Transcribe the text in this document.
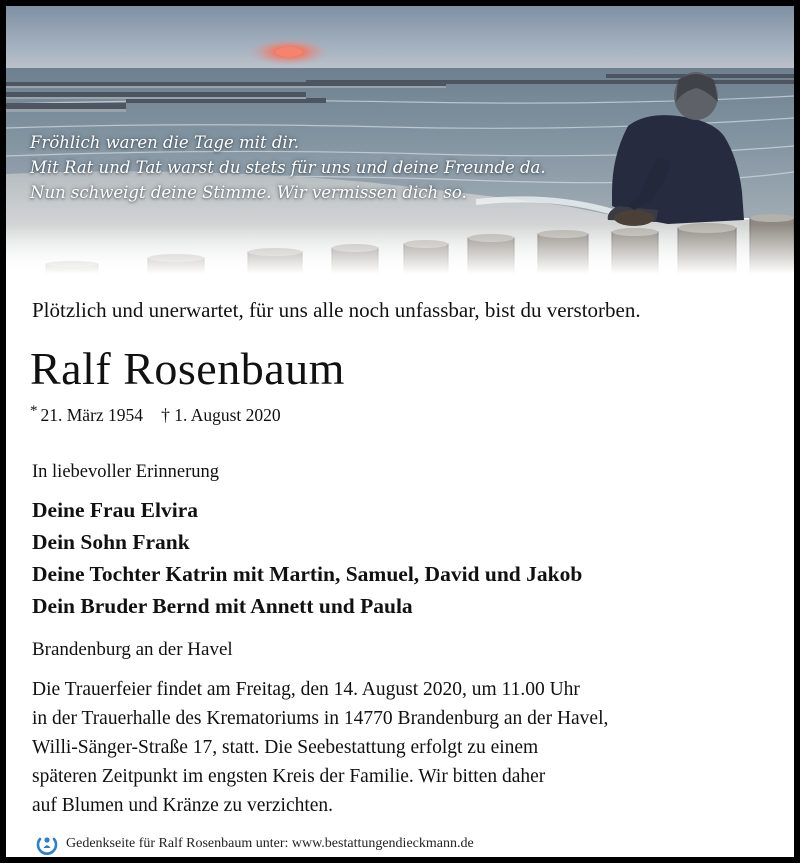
Fröhlich waren die Tage mit dir.
Mit Rat und Tat warst du stets für uns und deine Freunde da.
Nun schweigt deine Stimme. Wir vermissen dich so.
Plötzlich und unerwartet, für uns alle noch unfassbar, bist du verstorben.
Ralf Rosenbaum
* 21. März 1954 † 1. August 2020
In liebevoller Erinnerung
Deine Frau Elvira
Dein Sohn Frank
Deine Tochter Katrin mit Martin, Samuel, David und Jakob
Dein Bruder Bernd mit Annett und Paula
Brandenburg an der Havel
Die Trauerfeier findet am Freitag, den 14. August 2020, um 11.00 Uhr
in der Trauerhalle des Krematoriums in 14770 Brandenburg an der Havel,
Willi-Sänger-Straße 17, statt. Die Seebestattung erfolgt zu einem
späteren Zeitpunkt im engsten Kreis der Familie. Wir bitten daher
auf Blumen und Kränze zu verzichten.
Gedenkseite für Ralf Rosenbaum unter: www.bestattungendieckmann.de
